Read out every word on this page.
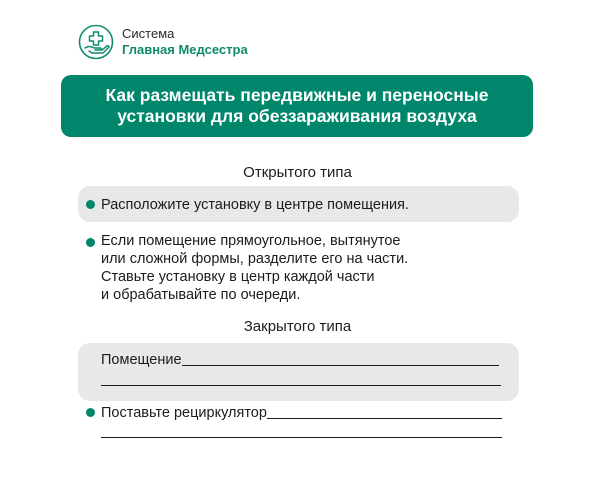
Система
Главная Медсестра
Как размещать передвижные и переносные
установки для обеззараживания воздуха
Открытого типа
Расположите установку в центре помещения.
Если помещение прямоугольное, вытянутое
или сложной формы, разделите его на части.
Ставьте установку в центр каждой части
и обрабатывайте по очереди.
Закрытого типа
Помещение
Поставьте рециркулятор
